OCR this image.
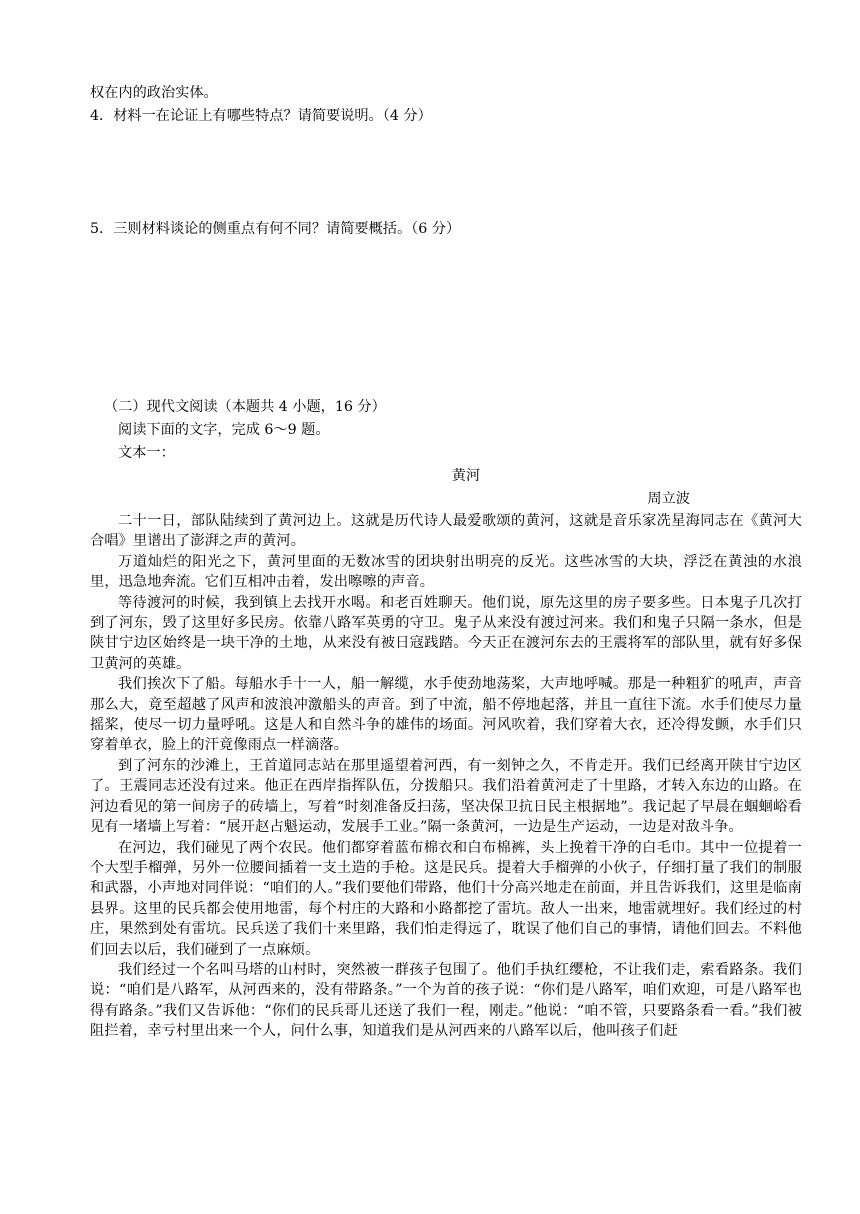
权在内的政治实体。
4．材料一在论证上有哪些特点？请简要说明。（4 分）
5．三则材料谈论的侧重点有何不同？请简要概括。（6 分）
（二）现代文阅读（本题共 4 小题，16 分）
阅读下面的文字，完成 6～9 题。
文本一：
黄河
周立波

二十一日，部队陆续到了黄河边上。这就是历代诗人最爱歌颂的黄河，这就是音乐家冼星海同志在《黄河大合唱》里谱出了澎湃之声的黄河。

万道灿烂的阳光之下，黄河里面的无数冰雪的团块射出明亮的反光。这些冰雪的大块，浮泛在黄浊的水浪里，迅急地奔流。它们互相冲击着，发出嚓嚓的声音。

等待渡河的时候，我到镇上去找开水喝。和老百姓聊天。他们说，原先这里的房子要多些。日本鬼子几次打到了河东，毁了这里好多民房。依靠八路军英勇的守卫。鬼子从来没有渡过河来。我们和鬼子只隔一条水，但是陕甘宁边区始终是一块干净的土地，从来没有被日寇践踏。今天正在渡河东去的王震将军的部队里，就有好多保卫黄河的英雄。

我们挨次下了船。每船水手十一人，船一解缆，水手使劲地荡桨，大声地呼喊。那是一种粗犷的吼声，声音那么大，竟至超越了风声和波浪冲激船头的声音。到了中流，船不停地起落，并且一直往下流。水手们使尽力量摇桨，使尽一切力量呼吼。这是人和自然斗争的雄伟的场面。河风吹着，我们穿着大衣，还冷得发颤，水手们只穿着单衣，脸上的汗竟像雨点一样滴落。

到了河东的沙滩上，王首道同志站在那里遥望着河西，有一刻钟之久，不肯走开。我们已经离开陕甘宁边区了。王震同志还没有过来。他正在西岸指挥队伍，分拨船只。我们沿着黄河走了十里路，才转入东边的山路。在河边看见的第一间房子的砖墙上，写着“时刻准备反扫荡，坚决保卫抗日民主根据地”。我记起了早晨在蝈蛔峪看见有一堵墙上写着：“展开赵占魁运动，发展手工业。”隔一条黄河，一边是生产运动，一边是对敌斗争。

在河边，我们碰见了两个农民。他们都穿着蓝布棉衣和白布棉裤，头上挽着干净的白毛巾。其中一位提着一个大型手榴弹，另外一位腰间插着一支土造的手枪。这是民兵。提着大手榴弹的小伙子，仔细打量了我们的制服和武器，小声地对同伴说：“咱们的人。”我们要他们带路，他们十分高兴地走在前面，并且告诉我们，这里是临南县界。这里的民兵都会使用地雷，每个村庄的大路和小路都挖了雷坑。敌人一出来，地雷就埋好。我们经过的村庄，果然到处有雷坑。民兵送了我们十来里路，我们怕走得远了，耽误了他们自己的事情，请他们回去。不料他们回去以后，我们碰到了一点麻烦。

我们经过一个名叫马塔的山村时，突然被一群孩子包围了。他们手执红缨枪，不让我们走，索看路条。我们说：“咱们是八路军，从河西来的，没有带路条。”一个为首的孩子说：“你们是八路军，咱们欢迎，可是八路军也得有路条。”我们又告诉他：“你们的民兵哥儿还送了我们一程，刚走。”他说：“咱不管，只要路条看一看。”我们被阻拦着，幸亏村里出来一个人，问什么事，知道我们是从河西来的八路军以后，他叫孩子们赶
